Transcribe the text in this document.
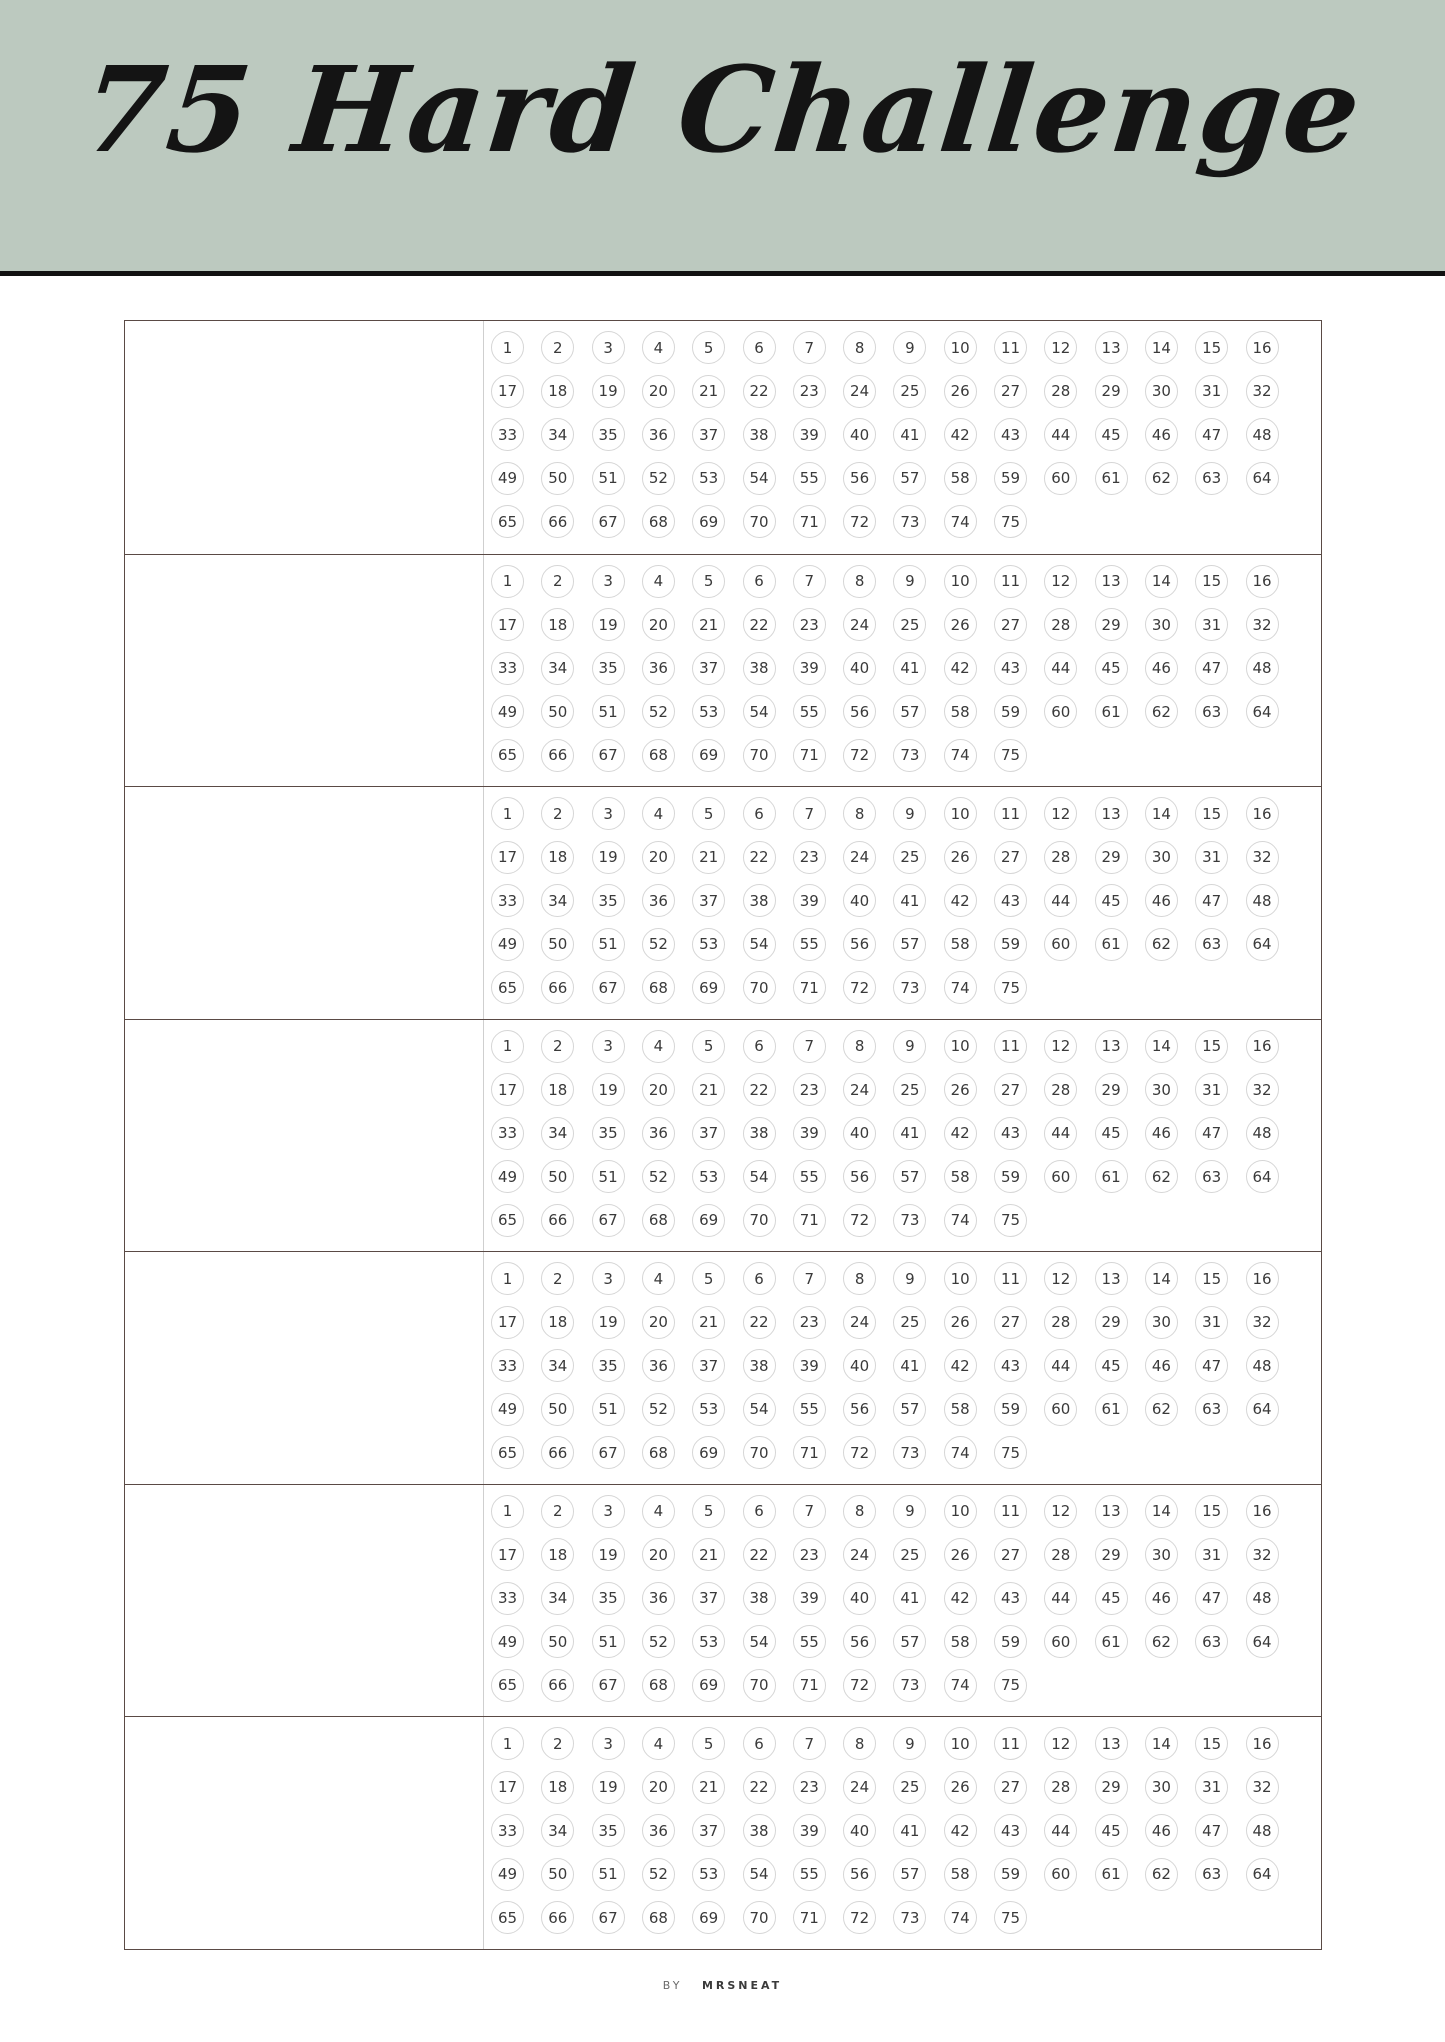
75 Hard Challenge
1	2	3	4	5	6	7	8	9	10	11	12	13	14	15	16
17	18	19	20	21	22	23	24	25	26	27	28	29	30	31	32
33	34	35	36	37	38	39	40	41	42	43	44	45	46	47	48
49	50	51	52	53	54	55	56	57	58	59	60	61	62	63	64
65	66	67	68	69	70	71	72	73	74	75
1	2	3	4	5	6	7	8	9	10	11	12	13	14	15	16
17	18	19	20	21	22	23	24	25	26	27	28	29	30	31	32
33	34	35	36	37	38	39	40	41	42	43	44	45	46	47	48
49	50	51	52	53	54	55	56	57	58	59	60	61	62	63	64
65	66	67	68	69	70	71	72	73	74	75
1	2	3	4	5	6	7	8	9	10	11	12	13	14	15	16
17	18	19	20	21	22	23	24	25	26	27	28	29	30	31	32
33	34	35	36	37	38	39	40	41	42	43	44	45	46	47	48
49	50	51	52	53	54	55	56	57	58	59	60	61	62	63	64
65	66	67	68	69	70	71	72	73	74	75
1	2	3	4	5	6	7	8	9	10	11	12	13	14	15	16
17	18	19	20	21	22	23	24	25	26	27	28	29	30	31	32
33	34	35	36	37	38	39	40	41	42	43	44	45	46	47	48
49	50	51	52	53	54	55	56	57	58	59	60	61	62	63	64
65	66	67	68	69	70	71	72	73	74	75
1	2	3	4	5	6	7	8	9	10	11	12	13	14	15	16
17	18	19	20	21	22	23	24	25	26	27	28	29	30	31	32
33	34	35	36	37	38	39	40	41	42	43	44	45	46	47	48
49	50	51	52	53	54	55	56	57	58	59	60	61	62	63	64
65	66	67	68	69	70	71	72	73	74	75
1	2	3	4	5	6	7	8	9	10	11	12	13	14	15	16
17	18	19	20	21	22	23	24	25	26	27	28	29	30	31	32
33	34	35	36	37	38	39	40	41	42	43	44	45	46	47	48
49	50	51	52	53	54	55	56	57	58	59	60	61	62	63	64
65	66	67	68	69	70	71	72	73	74	75
1	2	3	4	5	6	7	8	9	10	11	12	13	14	15	16
17	18	19	20	21	22	23	24	25	26	27	28	29	30	31	32
33	34	35	36	37	38	39	40	41	42	43	44	45	46	47	48
49	50	51	52	53	54	55	56	57	58	59	60	61	62	63	64
65	66	67	68	69	70	71	72	73	74	75
BY MRSNEAT
